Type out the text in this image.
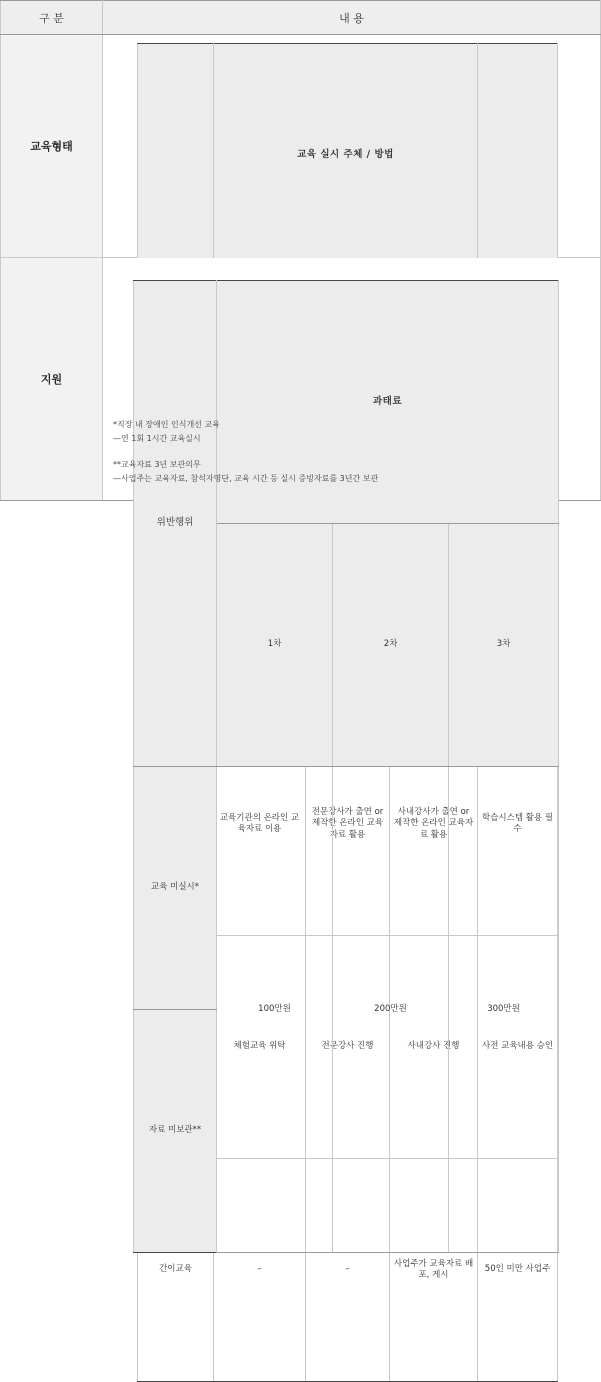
구 분	내 용
교육형태	
	교육 실시 주체 / 방법	

	교육기관의 온라인 교육자료 이용	전문강사가 출연 or 제작한 온라인 교육자료 활용	사내강사가 출연 or 제작한 온라인 교육자료 활용	학습시스템 활용 필수
	체험교육 위탁	전문강사 진행	사내강사 진행	사전 교육내용 승인
간이교육	–	–	사업주가 교육자료 배포, 게시	50인 미만 사업주

지원	
위반행위	과태료
1차	2차	3차
교육 미실시*	100만원	200만원	300만원
자료 미보관**
*직장 내 장애인 인식개선 교육
—연 1회 1시간 교육실시
**교육자료 3년 보관의무
—사업주는 교육자료, 참석자명단, 교육 시간 등 실시 증빙자료를 3년간 보관
